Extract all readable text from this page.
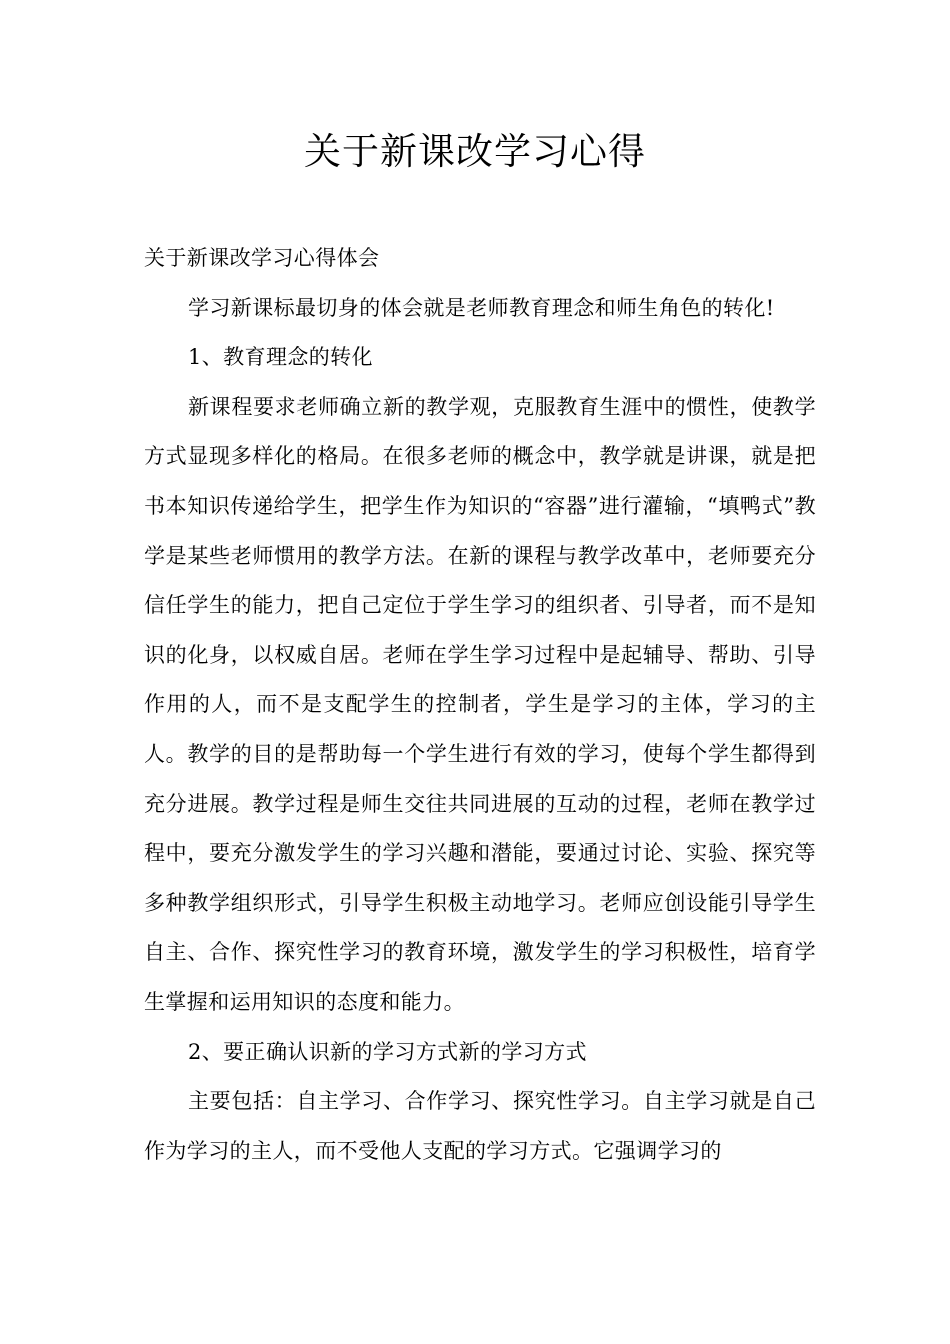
关于新课改学习心得

关于新课改学习心得体会

学习新课标最切身的体会就是老师教育理念和师生角色的转化!

1、教育理念的转化

新课程要求老师确立新的教学观，克服教育生涯中的惯性，使教学方式显现多样化的格局。在很多老师的概念中，教学就是讲课，就是把书本知识传递给学生，把学生作为知识的“容器”进行灌输，“填鸭式”教学是某些老师惯用的教学方法。在新的课程与教学改革中，老师要充分信任学生的能力，把自己定位于学生学习的组织者、引导者，而不是知识的化身，以权威自居。老师在学生学习过程中是起辅导、帮助、引导作用的人，而不是支配学生的控制者，学生是学习的主体，学习的主人。教学的目的是帮助每一个学生进行有效的学习，使每个学生都得到充分进展。教学过程是师生交往共同进展的互动的过程，老师在教学过程中，要充分激发学生的学习兴趣和潜能，要通过讨论、实验、探究等多种教学组织形式，引导学生积极主动地学习。老师应创设能引导学生自主、合作、探究性学习的教育环境，激发学生的学习积极性，培育学生掌握和运用知识的态度和能力。

2、要正确认识新的学习方式新的学习方式

主要包括：自主学习、合作学习、探究性学习。自主学习就是自己作为学习的主人，而不受他人支配的学习方式。它强调学习的
